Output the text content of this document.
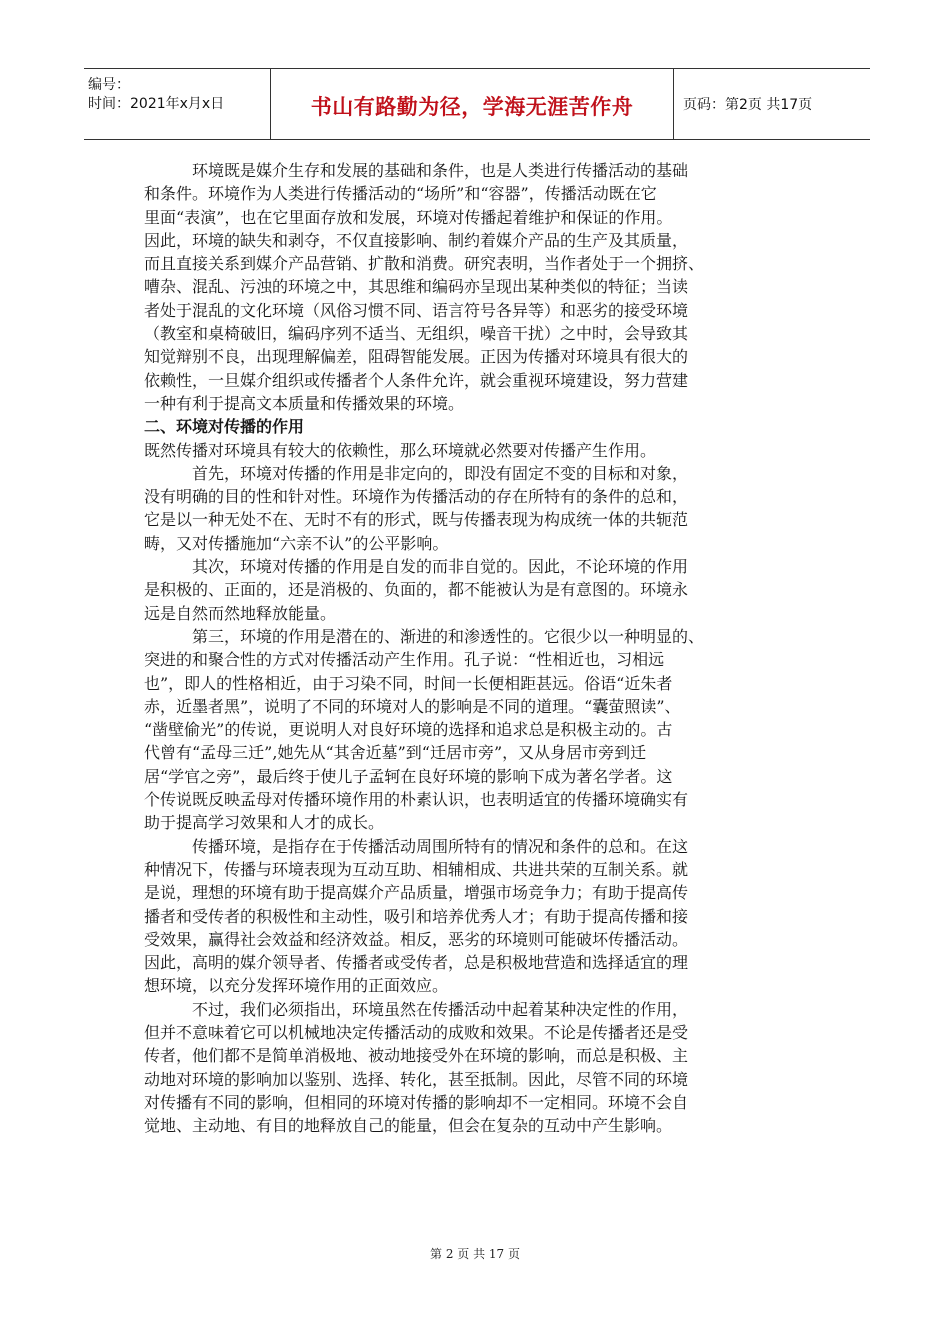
编号：
时间：2021年x月x日	书山有路勤为径，学海无涯苦作舟	页码：第2页 共17页
　　　环境既是媒介生存和发展的基础和条件，也是人类进行传播活动的基础
和条件。环境作为人类进行传播活动的“场所”和“容器”，传播活动既在它
里面“表演”，也在它里面存放和发展，环境对传播起着维护和保证的作用。
因此，环境的缺失和剥夺，不仅直接影响、制约着媒介产品的生产及其质量，
而且直接关系到媒介产品营销、扩散和消费。研究表明，当作者处于一个拥挤、
嘈杂、混乱、污浊的环境之中，其思维和编码亦呈现出某种类似的特征；当读
者处于混乱的文化环境（风俗习惯不同、语言符号各异等）和恶劣的接受环境
（教室和桌椅破旧，编码序列不适当、无组织，噪音干扰）之中时，会导致其
知觉辩别不良，出现理解偏差，阻碍智能发展。正因为传播对环境具有很大的
依赖性，一旦媒介组织或传播者个人条件允许，就会重视环境建设，努力营建
一种有利于提高文本质量和传播效果的环境。
二、环境对传播的作用
既然传播对环境具有较大的依赖性，那么环境就必然要对传播产生作用。
　　　首先，环境对传播的作用是非定向的，即没有固定不变的目标和对象，
没有明确的目的性和针对性。环境作为传播活动的存在所特有的条件的总和，
它是以一种无处不在、无时不有的形式，既与传播表现为构成统一体的共轭范
畴，又对传播施加“六亲不认”的公平影响。
　　　其次，环境对传播的作用是自发的而非自觉的。因此，不论环境的作用
是积极的、正面的，还是消极的、负面的，都不能被认为是有意图的。环境永
远是自然而然地释放能量。
　　　第三，环境的作用是潜在的、渐进的和渗透性的。它很少以一种明显的、
突进的和聚合性的方式对传播活动产生作用。孔子说：“性相近也，习相远
也”，即人的性格相近，由于习染不同，时间一长便相距甚远。俗语“近朱者
赤，近墨者黑”，说明了不同的环境对人的影响是不同的道理。“囊萤照读”、
“凿壁偷光”的传说，更说明人对良好环境的选择和追求总是积极主动的。古
代曾有“孟母三迁”,她先从“其舍近墓”到“迁居市旁”，又从身居市旁到迁
居“学官之旁”，最后终于使儿子孟轲在良好环境的影响下成为著名学者。这
个传说既反映孟母对传播环境作用的朴素认识，也表明适宜的传播环境确实有
助于提高学习效果和人才的成长。
　　　传播环境，是指存在于传播活动周围所特有的情况和条件的总和。在这
种情况下，传播与环境表现为互动互助、相辅相成、共进共荣的互制关系。就
是说，理想的环境有助于提高媒介产品质量，增强市场竞争力；有助于提高传
播者和受传者的积极性和主动性，吸引和培养优秀人才；有助于提高传播和接
受效果，赢得社会效益和经济效益。相反，恶劣的环境则可能破坏传播活动。
因此，高明的媒介领导者、传播者或受传者，总是积极地营造和选择适宜的理
想环境，以充分发挥环境作用的正面效应。
　　　不过，我们必须指出，环境虽然在传播活动中起着某种决定性的作用，
但并不意味着它可以机械地决定传播活动的成败和效果。不论是传播者还是受
传者，他们都不是简单消极地、被动地接受外在环境的影响，而总是积极、主
动地对环境的影响加以鉴别、选择、转化，甚至抵制。因此，尽管不同的环境
对传播有不同的影响，但相同的环境对传播的影响却不一定相同。环境不会自
觉地、主动地、有目的地释放自己的能量，但会在复杂的互动中产生影响。
第 2 页 共 17 页
